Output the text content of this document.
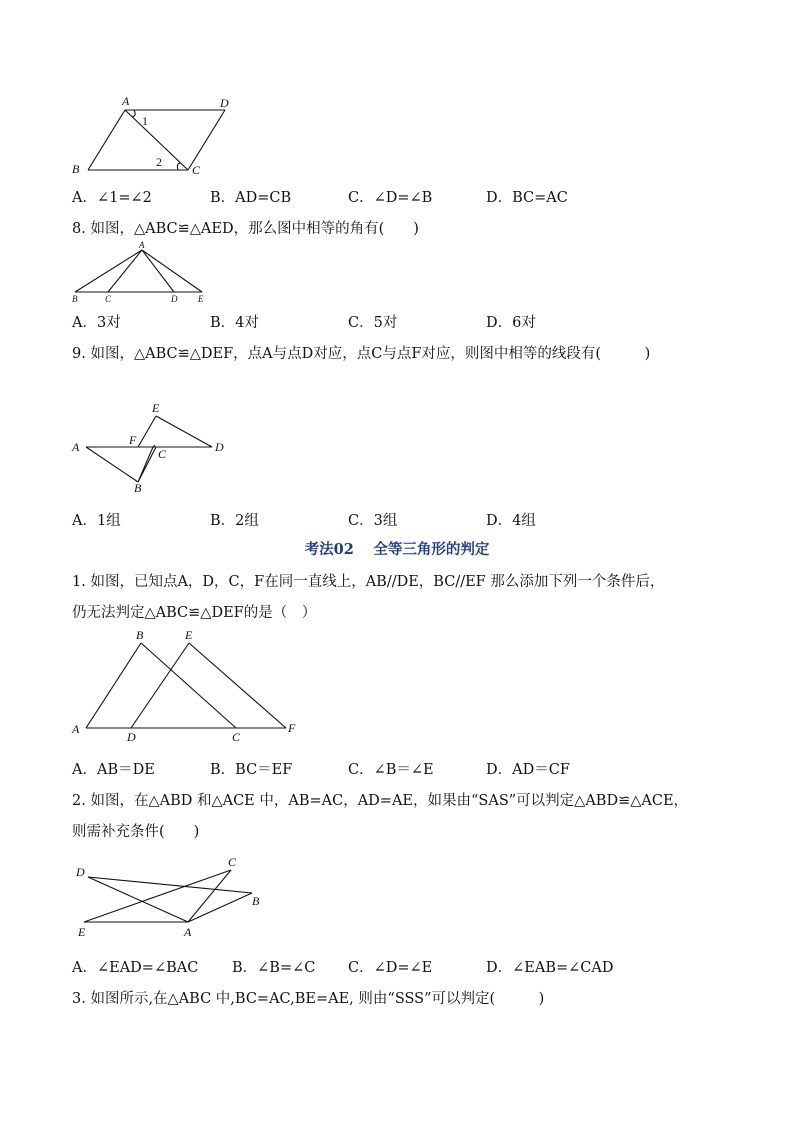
A	D
B	C
1
2
A．∠1=∠2	B．AD=CB	C．∠D=∠B	D．BC=AC
8. 如图，△ABC≌△AED，那么图中相等的角有(　　)
A
B	C	D E
A．3对	B．4对	C．5对	D．6对
9. 如图，△ABC≌△DEF，点A与点D对应，点C与点F对应，则图中相等的线段有(　　　)
A
B
C	D
E
F
A．1组	B．2组	C．3组	D．4组
考法02　 全等三角形的判定
1. 如图，已知点A，D，C，F在同一直线上，AB//DE，BC//EF 那么添加下列一个条件后，
仍无法判定△ABC≌△DEF的是（　）
A
B
C
D
E
F
A．AB＝DE	B．BC＝EF	C．∠B＝∠E	D．AD＝CF
2. 如图，在△ABD 和△ACE 中，AB=AC，AD=AE，如果由“SAS”可以判定△ABD≌△ACE，
则需补充条件(　　)
D
C
B
E	A
A．∠EAD=∠BAC B．∠B=∠C C．∠D=∠E	D．∠EAB=∠CAD
3. 如图所示,在△ABC 中,BC=AC,BE=AE, 则由“SSS”可以判定(　　　)
